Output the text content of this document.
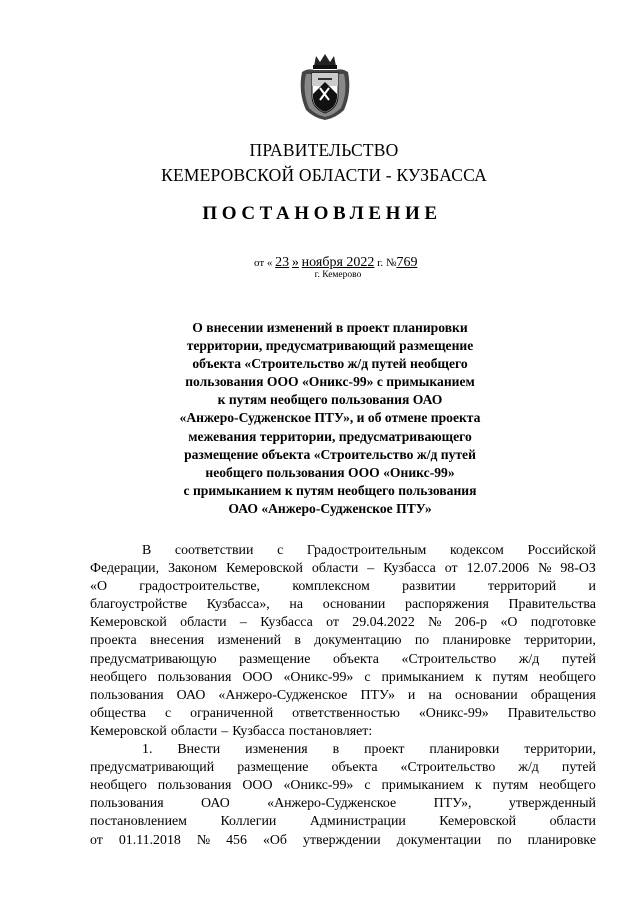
ПРАВИТЕЛЬСТВО
КЕМЕРОВСКОЙ ОБЛАСТИ - КУЗБАССА
ПОСТАНОВЛЕНИЕ
от « 23 » ноября 2022 г. №769
г. Кемерово
О внесении изменений в проект планировки
территории, предусматривающий размещение
объекта «Строительство ж/д путей необщего
пользования ООО «Оникс-99» с примыканием
к путям необщего пользования ОАО
«Анжеро-Судженское ПТУ», и об отмене проекта
межевания территории, предусматривающего
размещение объекта «Строительство ж/д путей
необщего пользования ООО «Оникс-99»
с примыканием к путям необщего пользования
ОАО «Анжеро-Судженское ПТУ»
В соответствии с Градостроительным кодексом Российской
Федерации, Законом Кемеровской области – Кузбасса от 12.07.2006 № 98-ОЗ
«О градостроительстве, комплексном развитии территорий и
благоустройстве Кузбасса», на основании распоряжения Правительства
Кемеровской области – Кузбасса от 29.04.2022 № 206-р «О подготовке
проекта внесения изменений в документацию по планировке территории,
предусматривающую размещение объекта «Строительство ж/д путей
необщего пользования ООО «Оникс-99» с примыканием к путям необщего
пользования ОАО «Анжеро-Судженское ПТУ» и на основании обращения
общества с ограниченной ответственностью «Оникс-99» Правительство
Кемеровской области – Кузбасса постановляет:
1. Внести изменения в проект планировки территории,
предусматривающий размещение объекта «Строительство ж/д путей
необщего пользования ООО «Оникс-99» с примыканием к путям необщего
пользования	ОАО	«Анжеро-Судженское	ПТУ»,	утвержденный
постановлением Коллегии Администрации Кемеровской области
от 01.11.2018 № 456 «Об утверждении документации по планировке
